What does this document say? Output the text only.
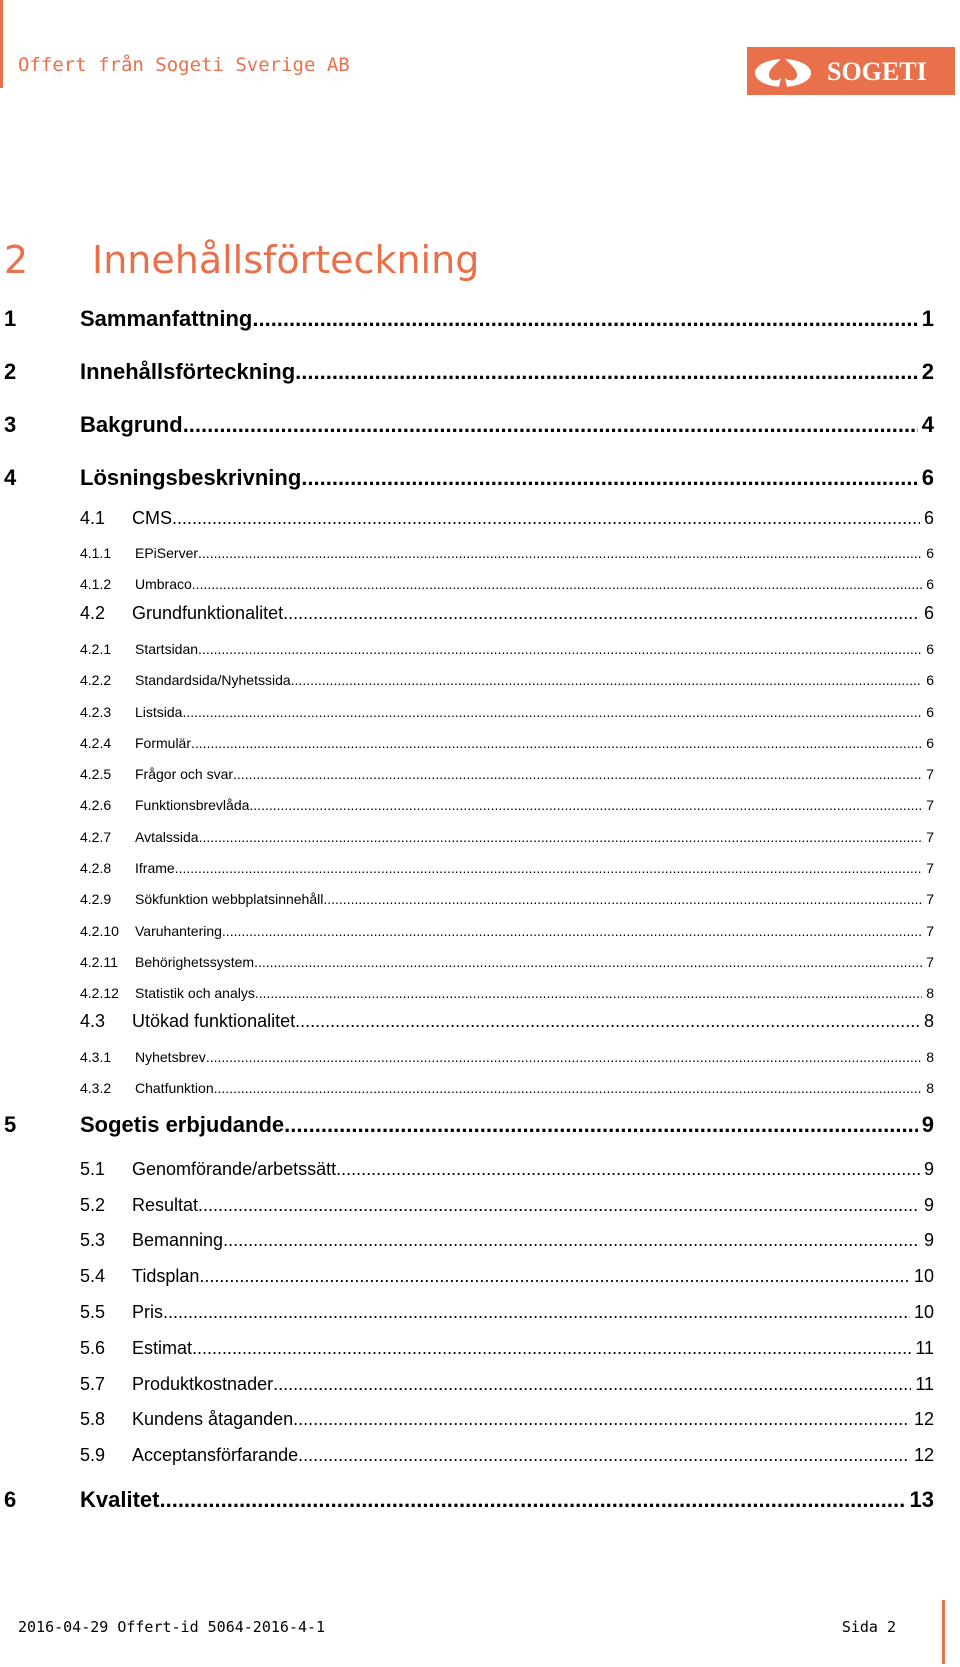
Offert från Sogeti Sverige AB	SOGETI
2 Innehållsförteckning
1	Sammanfattning .....	1
2	Innehållsförteckning .....	2
3	Bakgrund .....	4
4	Lösningsbeskrivning .....	6
4.1 CMS .....	6
4.1.1 EPiServer .....	6
4.1.2 Umbraco .....	6
4.2 Grundfunktionalitet .....	6
4.2.1 Startsidan .....	6
4.2.2 Standardsida/Nyhetssida .....	6
4.2.3 Listsida .....	6
4.2.4 Formulär .....	6
4.2.5 Frågor och svar .....	7
4.2.6 Funktionsbrevlåda .....	7
4.2.7 Avtalssida .....	7
4.2.8 Iframe .....	7
4.2.9 Sökfunktion webbplatsinnehåll .....	7
4.2.10 Varuhantering .....	7
4.2.11 Behörighetssystem .....	7
4.2.12 Statistik och analys .....	8
4.3 Utökad funktionalitet .....	8
4.3.1 Nyhetsbrev .....	8
4.3.2 Chatfunktion .....	8
5	Sogetis erbjudande .....	9
5.1 Genomförande/arbetssätt .....	9
5.2 Resultat .....	9
5.3 Bemanning .....	9
5.4 Tidsplan .....	10
5.5 Pris .....	10
5.6 Estimat .....	11
5.7 Produktkostnader .....	11
5.8 Kundens åtaganden .....	12
5.9 Acceptansförfarande .....	12
6	Kvalitet .....	13
2016-04-29 Offert-id 5064-2016-4-1	Sida 2
